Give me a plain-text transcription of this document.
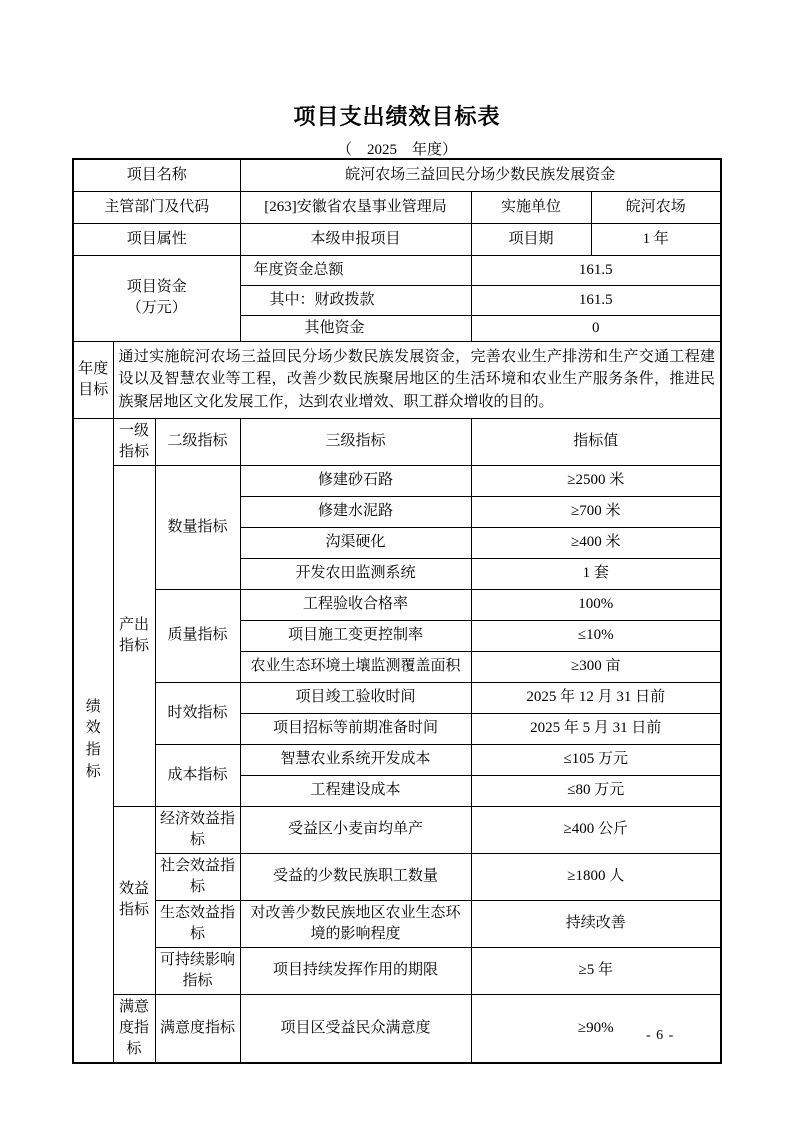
项目支出绩效目标表
（　2025　年度）
项目名称			皖河农场三益回民分场少数民族发展资金		
主管部门及代码			[263]安徽省农垦事业管理局	实施单位	皖河农场
项目属性			本级申报项目	项目期	1 年
项目资金
（万元）			年度资金总额	161.5	
			其中：财政拨款	161.5	
			其他资金	0	
年度目标	通过实施皖河农场三益回民分场少数民族发展资金，完善农业生产排涝和生产交通工程建设以及智慧农业等工程，改善少数民族聚居地区的生活环境和农业生产服务条件，推进民族聚居地区文化发展工作，达到农业增效、职工群众增收的目的。				

绩效指标	一级指标	二级指标	三级指标	指标值	
	产出指标	数量指标	修建砂石路	≥2500 米	
			修建水泥路	≥700 米	
			沟渠硬化	≥400 米	
			开发农田监测系统	1 套	
		质量指标	工程验收合格率	100%	
			项目施工变更控制率	≤10%	
			农业生态环境土壤监测覆盖面积	≥300 亩	
		时效指标	项目竣工验收时间	2025 年 12 月 31 日前	
			项目招标等前期准备时间	2025 年 5 月 31 日前	
		成本指标	智慧农业系统开发成本	≤105 万元	
			工程建设成本	≤80 万元	
	效益指标	经济效益指标	受益区小麦亩均单产	≥400 公斤	
		社会效益指标	受益的少数民族职工数量	≥1800 人	
		生态效益指标	对改善少数民族地区农业生态环境的影响程度	持续改善	
		可持续影响指标	项目持续发挥作用的期限	≥5 年	
	满意度指标	满意度指标	项目区受益民众满意度	≥90%	- 6 -
